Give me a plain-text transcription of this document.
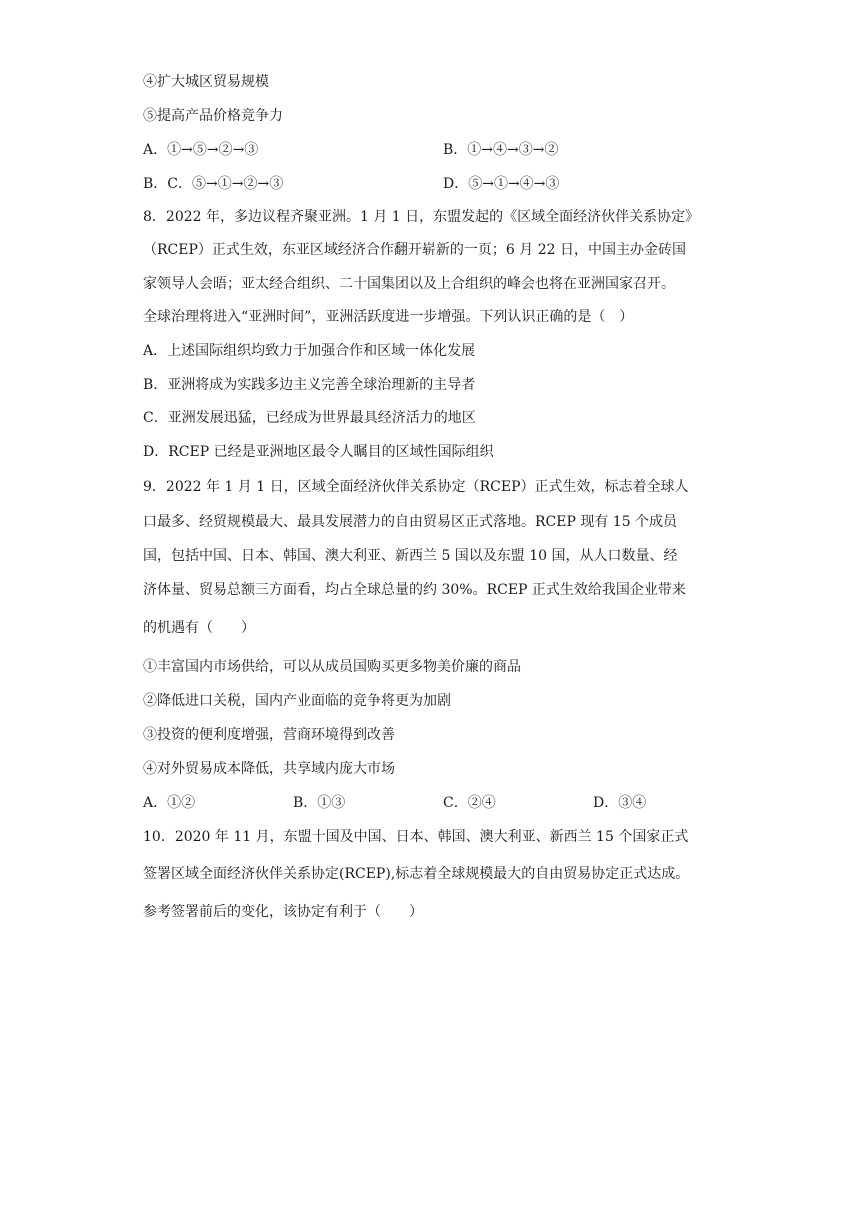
④扩大城区贸易规模
⑤提高产品价格竞争力
A．①→⑤→②→③	B．①→④→③→②
B．C．⑤→①→②→③	D．⑤→①→④→③
8．2022 年，多边议程齐聚亚洲。1 月 1 日，东盟发起的《区域全面经济伙伴关系协定》
（RCEP）正式生效，东亚区域经济合作翻开崭新的一页；6 月 22 日，中国主办金砖国
家领导人会晤；亚太经合组织、二十国集团以及上合组织的峰会也将在亚洲国家召开。
全球治理将进入“亚洲时间”，亚洲活跃度进一步增强。下列认识正确的是（　）
A．上述国际组织均致力于加强合作和区域一体化发展
B．亚洲将成为实践多边主义完善全球治理新的主导者
C．亚洲发展迅猛，已经成为世界最具经济活力的地区
D．RCEP 已经是亚洲地区最令人瞩目的区域性国际组织
9．2022 年 1 月 1 日，区域全面经济伙伴关系协定（RCEP）正式生效，标志着全球人
口最多、经贸规模最大、最具发展潜力的自由贸易区正式落地。RCEP 现有 15 个成员
国，包括中国、日本、韩国、澳大利亚、新西兰 5 国以及东盟 10 国，从人口数量、经
济体量、贸易总额三方面看，均占全球总量的约 30%。RCEP 正式生效给我国企业带来
的机遇有（　　）
①丰富国内市场供给，可以从成员国购买更多物美价廉的商品
②降低进口关税，国内产业面临的竞争将更为加剧
③投资的便利度增强，营商环境得到改善
④对外贸易成本降低，共享域内庞大市场
A．①②	B．①③	C．②④	D．③④
10．2020 年 11 月，东盟十国及中国、日本、韩国、澳大利亚、新西兰 15 个国家正式
签署区域全面经济伙伴关系协定(RCEP),标志着全球规模最大的自由贸易协定正式达成。
参考签署前后的变化，该协定有利于（　　）
